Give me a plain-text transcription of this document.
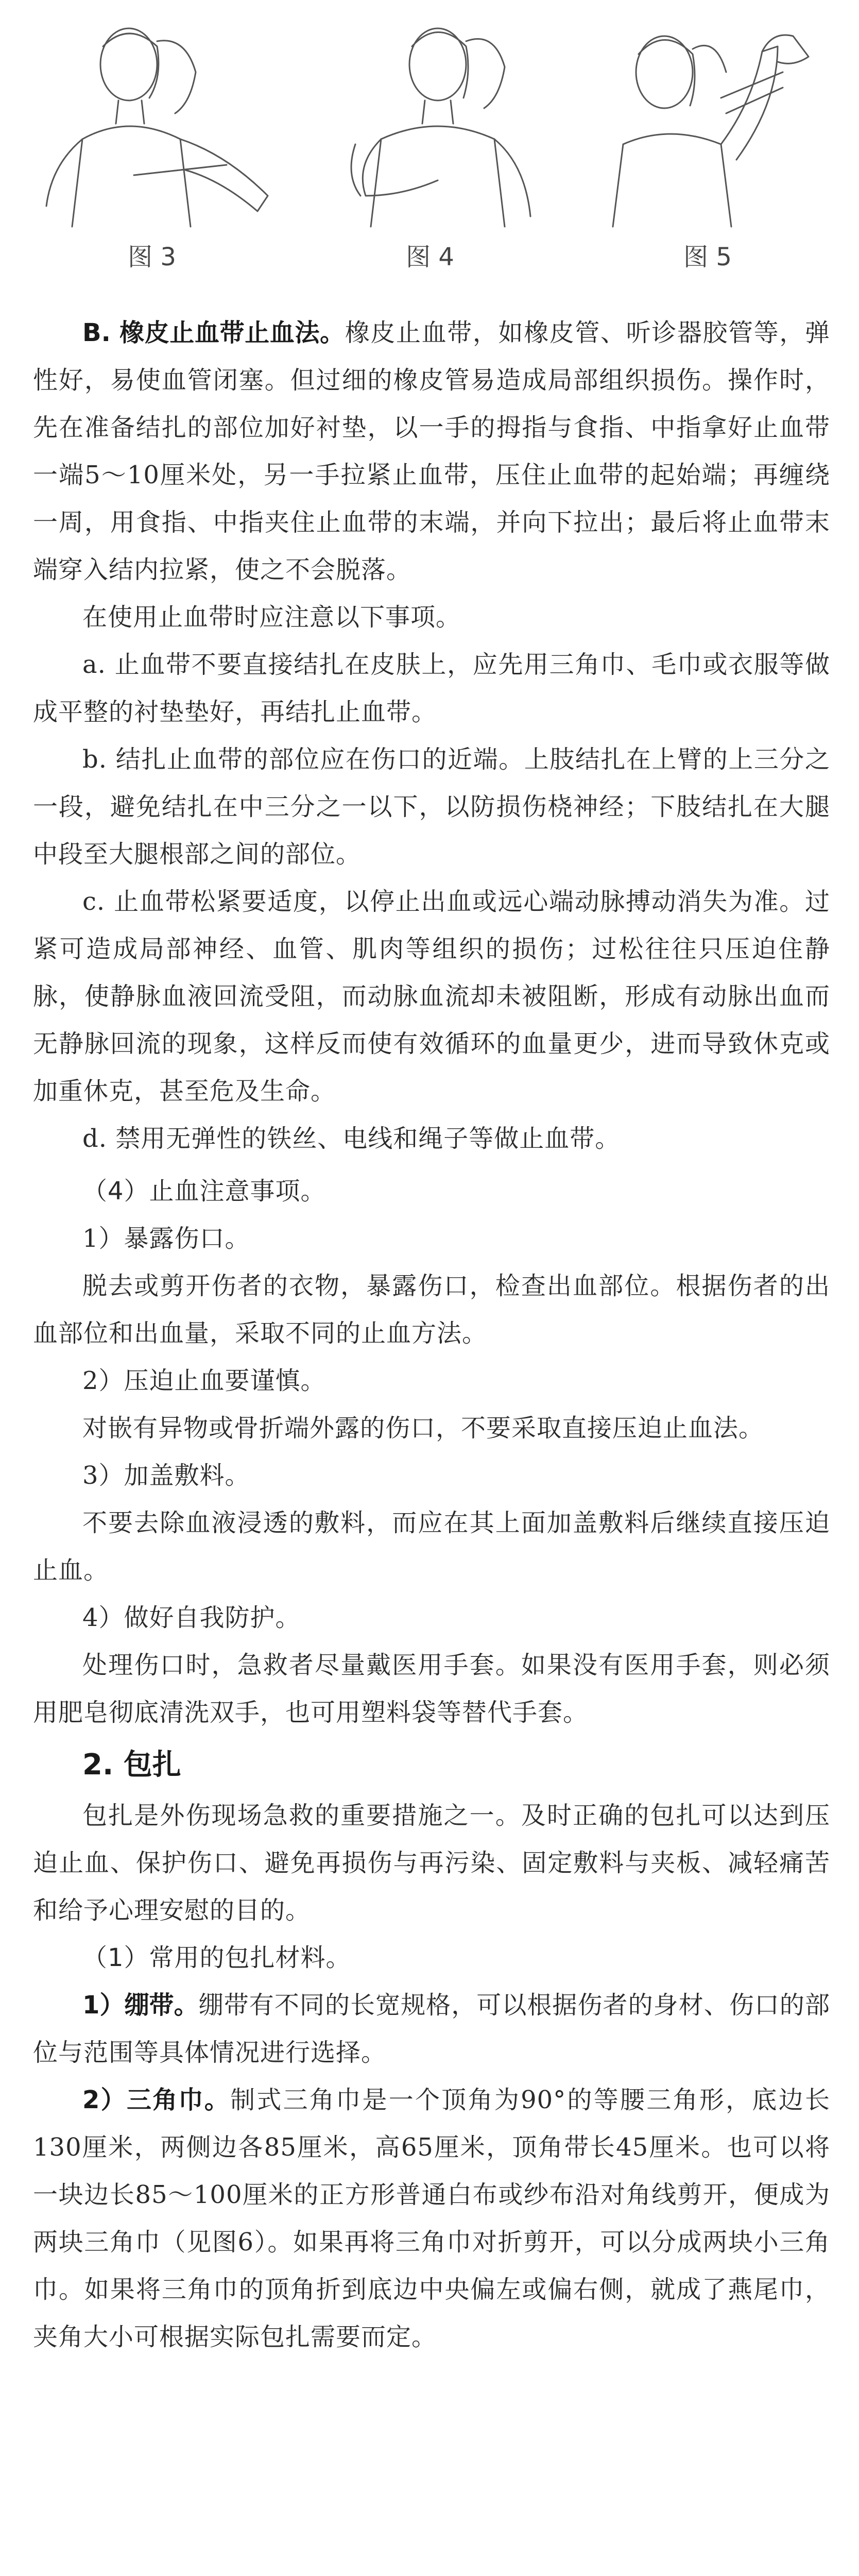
图 3	图 4	图 5

B. 橡皮止血带止血法。橡皮止血带，如橡皮管、听诊器胶管等，弹性好，易使血管闭塞。但过细的橡皮管易造成局部组织损伤。操作时，先在准备结扎的部位加好衬垫，以一手的拇指与食指、中指拿好止血带一端5～10厘米处，另一手拉紧止血带，压住止血带的起始端；再缠绕一周，用食指、中指夹住止血带的末端，并向下拉出；最后将止血带末端穿入结内拉紧，使之不会脱落。

在使用止血带时应注意以下事项。

a. 止血带不要直接结扎在皮肤上，应先用三角巾、毛巾或衣服等做成平整的衬垫垫好，再结扎止血带。

b. 结扎止血带的部位应在伤口的近端。上肢结扎在上臂的上三分之一段，避免结扎在中三分之一以下，以防损伤桡神经；下肢结扎在大腿中段至大腿根部之间的部位。

c. 止血带松紧要适度，以停止出血或远心端动脉搏动消失为准。过紧可造成局部神经、血管、肌肉等组织的损伤；过松往往只压迫住静脉，使静脉血液回流受阻，而动脉血流却未被阻断，形成有动脉出血而无静脉回流的现象，这样反而使有效循环的血量更少，进而导致休克或加重休克，甚至危及生命。

d. 禁用无弹性的铁丝、电线和绳子等做止血带。

（4）止血注意事项。

1）暴露伤口。

脱去或剪开伤者的衣物，暴露伤口，检查出血部位。根据伤者的出血部位和出血量，采取不同的止血方法。

2）压迫止血要谨慎。

对嵌有异物或骨折端外露的伤口，不要采取直接压迫止血法。

3）加盖敷料。

不要去除血液浸透的敷料，而应在其上面加盖敷料后继续直接压迫止血。

4）做好自我防护。

处理伤口时，急救者尽量戴医用手套。如果没有医用手套，则必须用肥皂彻底清洗双手，也可用塑料袋等替代手套。

2. 包扎

包扎是外伤现场急救的重要措施之一。及时正确的包扎可以达到压迫止血、保护伤口、避免再损伤与再污染、固定敷料与夹板、减轻痛苦和给予心理安慰的目的。

（1）常用的包扎材料。

1）绷带。绷带有不同的长宽规格，可以根据伤者的身材、伤口的部位与范围等具体情况进行选择。

2）三角巾。制式三角巾是一个顶角为90°的等腰三角形，底边长130厘米，两侧边各85厘米，高65厘米，顶角带长45厘米。也可以将一块边长85～100厘米的正方形普通白布或纱布沿对角线剪开，便成为两块三角巾（见图6）。如果再将三角巾对折剪开，可以分成两块小三角巾。如果将三角巾的顶角折到底边中央偏左或偏右侧，就成了燕尾巾，夹角大小可根据实际包扎需要而定。
